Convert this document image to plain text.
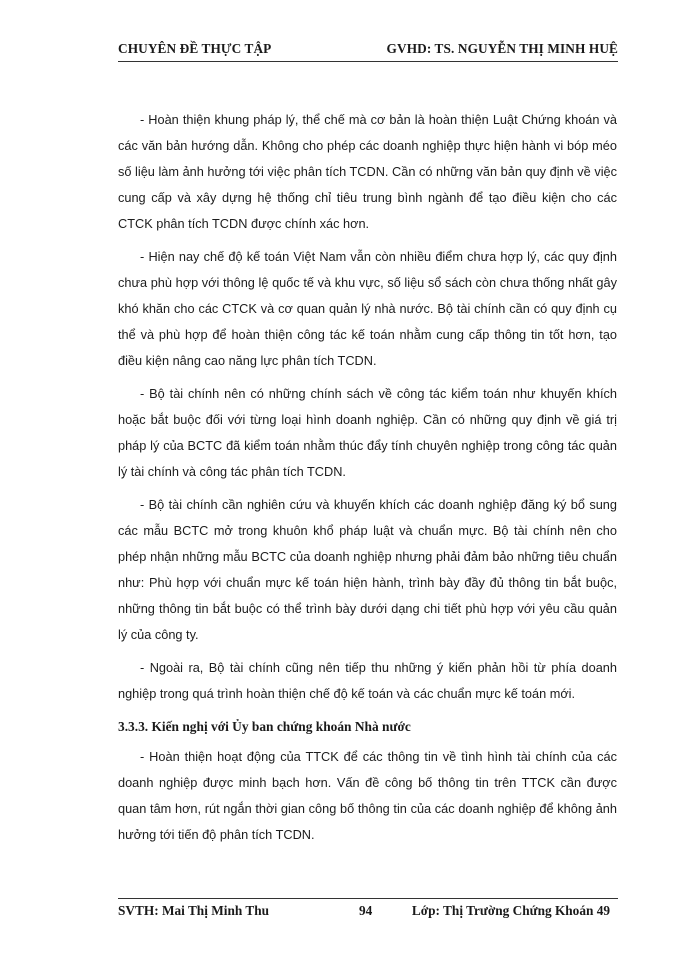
CHUYÊN ĐỀ THỰC TẬP	GVHD: TS. NGUYỄN THỊ MINH HUỆ

- Hoàn thiện khung pháp lý, thể chế mà cơ bản là hoàn thiện Luật Chứng khoán và các văn bản hướng dẫn. Không cho phép các doanh nghiệp thực hiện hành vi bóp méo số liệu làm ảnh hưởng tới việc phân tích TCDN. Cần có những văn bản quy định về việc cung cấp và xây dựng hệ thống chỉ tiêu trung bình ngành để tạo điều kiện cho các CTCK phân tích TCDN được chính xác hơn.

- Hiện nay chế độ kế toán Việt Nam vẫn còn nhiều điểm chưa hợp lý, các quy định chưa phù hợp với thông lệ quốc tế và khu vực, số liệu sổ sách còn chưa thống nhất gây khó khăn cho các CTCK và cơ quan quản lý nhà nước. Bộ tài chính cần có quy định cụ thể và phù hợp để hoàn thiện công tác kế toán nhằm cung cấp thông tin tốt hơn, tạo điều kiện nâng cao năng lực phân tích TCDN.

- Bộ tài chính nên có những chính sách về công tác kiểm toán như khuyến khích hoặc bắt buộc đối với từng loại hình doanh nghiệp. Cần có những quy định về giá trị pháp lý của BCTC đã kiểm toán nhằm thúc đẩy tính chuyên nghiệp trong công tác quản lý tài chính và công tác phân tích TCDN.

- Bộ tài chính cần nghiên cứu và khuyến khích các doanh nghiệp đăng ký bổ sung các mẫu BCTC mở trong khuôn khổ pháp luật và chuẩn mực. Bộ tài chính nên cho phép nhận những mẫu BCTC của doanh nghiệp nhưng phải đảm bảo những tiêu chuẩn như: Phù hợp với chuẩn mực kế toán hiện hành, trình bày đầy đủ thông tin bắt buộc, những thông tin bắt buộc có thể trình bày dưới dạng chi tiết phù hợp với yêu cầu quản lý của công ty.

- Ngoài ra, Bộ tài chính cũng nên tiếp thu những ý kiến phản hồi từ phía doanh nghiệp trong quá trình hoàn thiện chế độ kế toán và các chuẩn mực kế toán mới.

3.3.3. Kiến nghị với Ủy ban chứng khoán Nhà nước

- Hoàn thiện hoạt động của TTCK để các thông tin về tình hình tài chính của các doanh nghiệp được minh bạch hơn. Vấn đề công bố thông tin trên TTCK cần được quan tâm hơn, rút ngắn thời gian công bố thông tin của các doanh nghiệp để không ảnh hưởng tới tiến độ phân tích TCDN.

SVTH: Mai Thị Minh Thu	94	Lớp: Thị Trường Chứng Khoán 49
